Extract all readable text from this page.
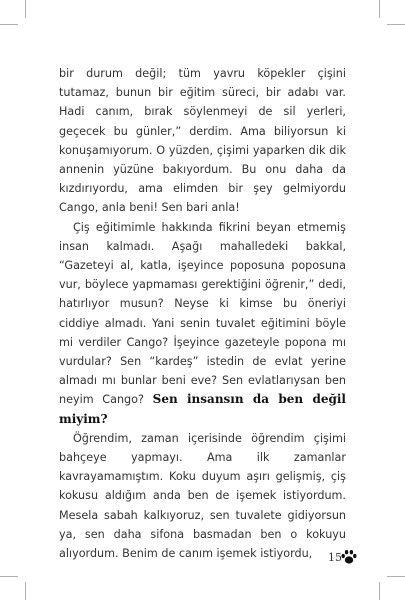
bir durum değil; tüm yavru köpekler çişini tutamaz, bunun bir eğitim süreci, bir adabı var. Hadi canım, bırak söylenmeyi de sil yerleri, geçecek bu günler,” derdim. Ama biliyorsun ki konuşamıyorum. O yüzden, çişimi yaparken dik dik annenin yüzüne bakıyordum. Bu onu daha da kızdırıyordu, ama elimden bir şey gelmiyordu Cango, anla beni! Sen bari anla!

Çiş eğitimimle hakkında fikrini beyan etmemiş insan kalmadı. Aşağı mahalledeki bakkal, “Gazeteyi al, katla, işeyince poposuna poposuna vur, böylece yapmaması gerektiğini öğrenir,” dedi, hatırlıyor musun? Neyse ki kimse bu öneriyi ciddiye almadı. Yani senin tuvalet eğitimini böyle mi verdiler Cango? İşeyince gazeteyle popona mı vurdular? Sen “kardeş” istedin de evlat yerine almadı mı bunlar beni eve? Sen evlatlarıysan ben neyim Cango? Sen insansın da ben değil miyim?

Öğrendim, zaman içerisinde öğrendim çişimi bahçeye yapmayı. Ama ilk zamanlar kavrayamamıştım. Koku duyum aşırı gelişmiş, çiş kokusu aldığım anda ben de işemek istiyordum. Mesela sabah kalkıyoruz, sen tuvalete gidiyorsun ya, sen daha sifona basmadan ben o kokuyu alıyordum. Benim de canım işemek istiyordu,	15
